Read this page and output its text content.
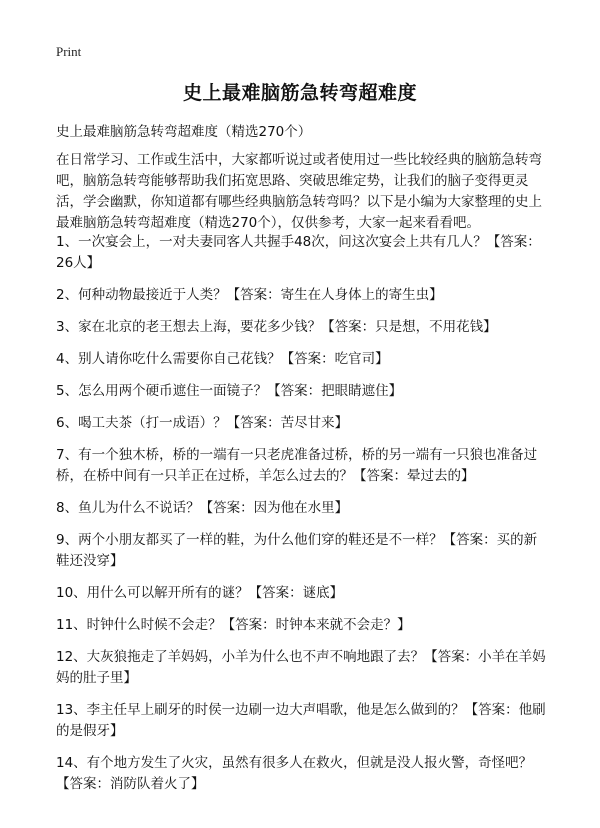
Print
史上最难脑筋急转弯超难度

史上最难脑筋急转弯超难度（精选270个）

在日常学习、工作或生活中，大家都听说过或者使用过一些比较经典的脑筋急转弯吧，脑筋急转弯能够帮助我们拓宽思路、突破思维定势，让我们的脑子变得更灵活，学会幽默，你知道都有哪些经典脑筋急转弯吗？以下是小编为大家整理的史上最难脑筋急转弯超难度（精选270个），仅供参考，大家一起来看看吧。

1、一次宴会上，一对夫妻同客人共握手48次，问这次宴会上共有几人？【答案：26人】
2、何种动物最接近于人类？【答案：寄生在人身体上的寄生虫】
3、家在北京的老王想去上海，要花多少钱？【答案：只是想，不用花钱】
4、别人请你吃什么需要你自己花钱？【答案：吃官司】
5、怎么用两个硬币遮住一面镜子？【答案：把眼睛遮住】
6、喝工夫茶（打一成语）？【答案：苦尽甘来】
7、有一个独木桥，桥的一端有一只老虎准备过桥，桥的另一端有一只狼也准备过桥，在桥中间有一只羊正在过桥，羊怎么过去的？【答案：晕过去的】
8、鱼儿为什么不说话？【答案：因为他在水里】
9、两个小朋友都买了一样的鞋，为什么他们穿的鞋还是不一样？【答案：买的新鞋还没穿】
10、用什么可以解开所有的谜？【答案：谜底】
11、时钟什么时候不会走？【答案：时钟本来就不会走？】
12、大灰狼拖走了羊妈妈，小羊为什么也不声不响地跟了去？【答案：小羊在羊妈妈的肚子里】
13、李主任早上刷牙的时侯一边刷一边大声唱歌，他是怎么做到的？【答案：他刷的是假牙】
14、有个地方发生了火灾，虽然有很多人在救火，但就是没人报火警，奇怪吧？【答案：消防队着火了】
